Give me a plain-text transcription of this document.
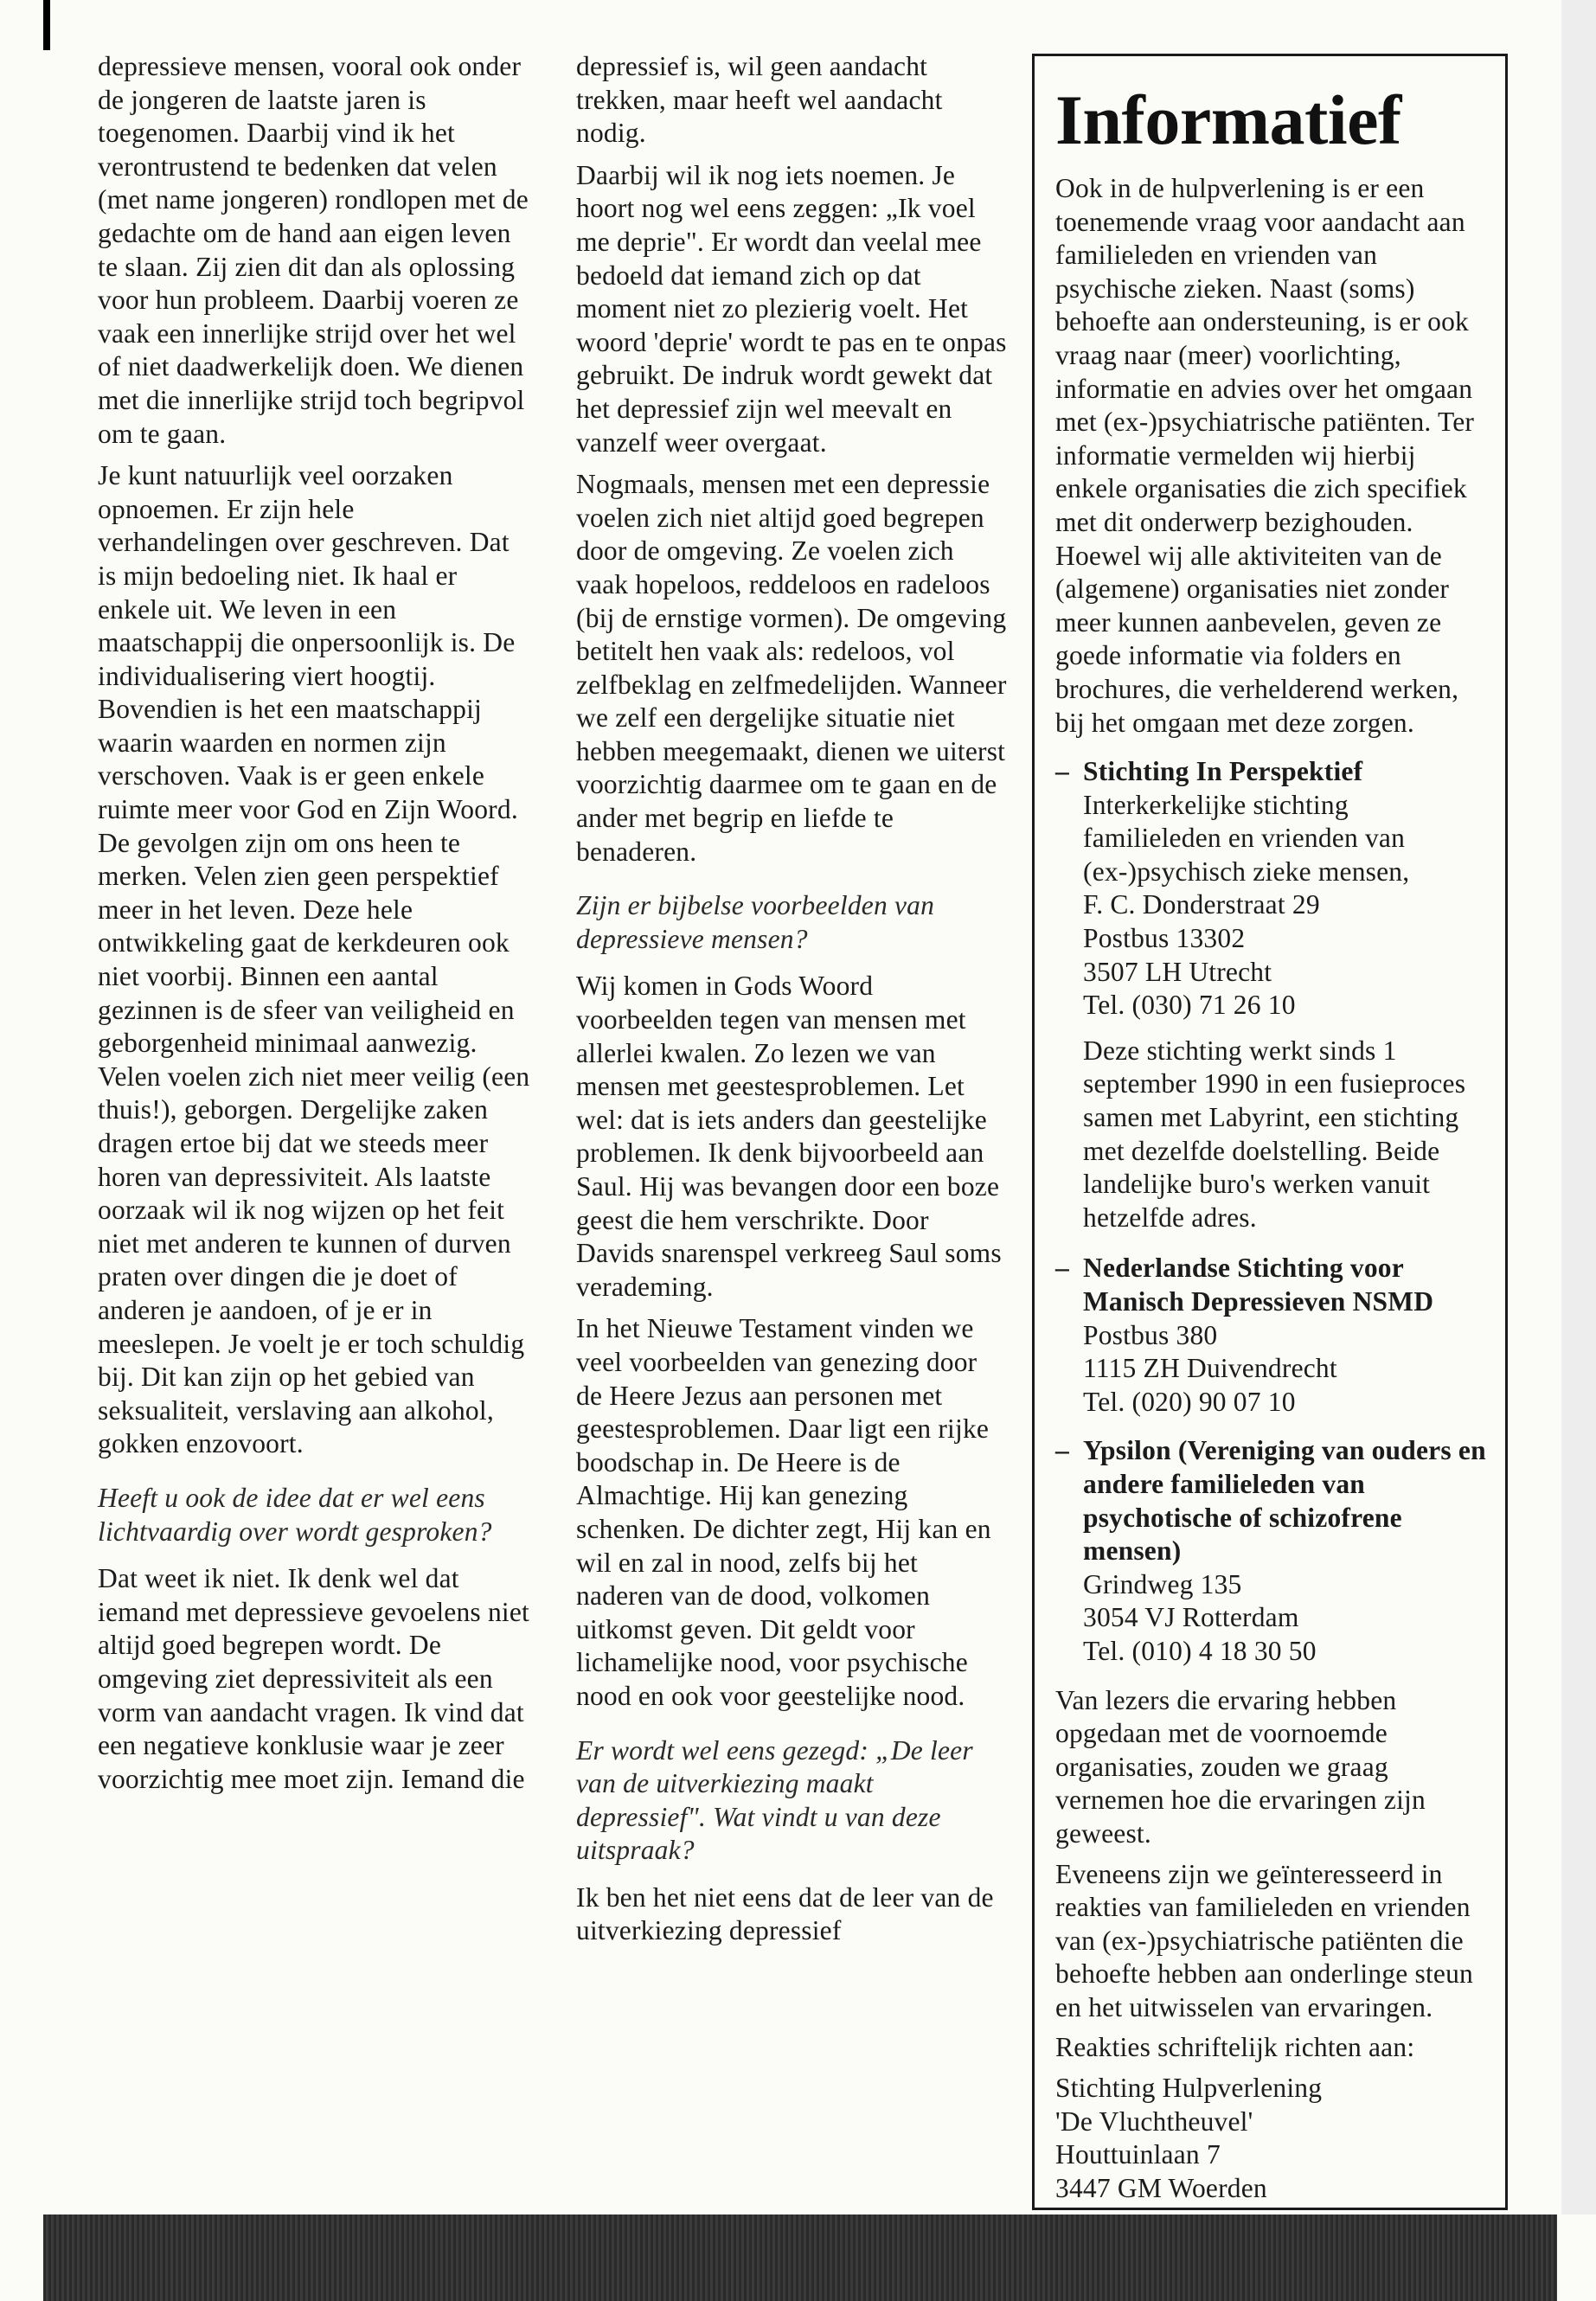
depressieve mensen, vooral ook onder de jongeren de laatste jaren is toegenomen. Daarbij vind ik het verontrustend te bedenken dat velen (met name jongeren) rondlopen met de gedachte om de hand aan eigen leven te slaan. Zij zien dit dan als oplossing voor hun probleem. Daarbij voeren ze vaak een innerlijke strijd over het wel of niet daadwerkelijk doen. We dienen met die innerlijke strijd toch begripvol om te gaan.

Je kunt natuurlijk veel oorzaken opnoemen. Er zijn hele verhandelingen over geschreven. Dat is mijn bedoeling niet. Ik haal er enkele uit. We leven in een maatschappij die onpersoonlijk is. De individualisering viert hoogtij. Bovendien is het een maatschappij waarin waarden en normen zijn verschoven. Vaak is er geen enkele ruimte meer voor God en Zijn Woord. De gevolgen zijn om ons heen te merken. Velen zien geen perspektief meer in het leven. Deze hele ontwikkeling gaat de kerkdeuren ook niet voorbij. Binnen een aantal gezinnen is de sfeer van veiligheid en geborgenheid minimaal aanwezig. Velen voelen zich niet meer veilig (een thuis!), geborgen. Dergelijke zaken dragen ertoe bij dat we steeds meer horen van depressiviteit. Als laatste oorzaak wil ik nog wijzen op het feit niet met anderen te kunnen of durven praten over dingen die je doet of anderen je aandoen, of je er in meeslepen. Je voelt je er toch schuldig bij. Dit kan zijn op het gebied van seksualiteit, verslaving aan alkohol, gokken enzovoort.

Heeft u ook de idee dat er wel eens lichtvaardig over wordt gesproken?

Dat weet ik niet. Ik denk wel dat iemand met depressieve gevoelens niet altijd goed begrepen wordt. De omgeving ziet depressiviteit als een vorm van aandacht vragen. Ik vind dat een negatieve konklusie waar je zeer voorzichtig mee moet zijn. Iemand die

depressief is, wil geen aandacht trekken, maar heeft wel aandacht nodig.

Daarbij wil ik nog iets noemen. Je hoort nog wel eens zeggen: „Ik voel me deprie". Er wordt dan veelal mee bedoeld dat iemand zich op dat moment niet zo plezierig voelt. Het woord 'deprie' wordt te pas en te onpas gebruikt. De indruk wordt gewekt dat het depressief zijn wel meevalt en vanzelf weer overgaat.

Nogmaals, mensen met een depressie voelen zich niet altijd goed begrepen door de omgeving. Ze voelen zich vaak hopeloos, reddeloos en radeloos (bij de ernstige vormen). De omgeving betitelt hen vaak als: redeloos, vol zelfbeklag en zelfmedelijden. Wanneer we zelf een dergelijke situatie niet hebben meegemaakt, dienen we uiterst voorzichtig daarmee om te gaan en de ander met begrip en liefde te benaderen.

Zijn er bijbelse voorbeelden van depressieve mensen?

Wij komen in Gods Woord voorbeelden tegen van mensen met allerlei kwalen. Zo lezen we van mensen met geestesproblemen. Let wel: dat is iets anders dan geestelijke problemen. Ik denk bijvoorbeeld aan Saul. Hij was bevangen door een boze geest die hem verschrikte. Door Davids snarenspel verkreeg Saul soms verademing.

In het Nieuwe Testament vinden we veel voorbeelden van genezing door de Heere Jezus aan personen met geestesproblemen. Daar ligt een rijke boodschap in. De Heere is de Almachtige. Hij kan genezing schenken. De dichter zegt, Hij kan en wil en zal in nood, zelfs bij het naderen van de dood, volkomen uitkomst geven. Dit geldt voor lichamelijke nood, voor psychische nood en ook voor geestelijke nood.

Er wordt wel eens gezegd: „De leer van de uitverkiezing maakt depressief". Wat vindt u van deze uitspraak?

Ik ben het niet eens dat de leer van de uitverkiezing depressief

Informatief

Ook in de hulpverlening is er een toenemende vraag voor aandacht aan familieleden en vrienden van psychische zieken. Naast (soms) behoefte aan ondersteuning, is er ook vraag naar (meer) voorlichting, informatie en advies over het omgaan met (ex-)psychiatrische patiënten. Ter informatie vermelden wij hierbij enkele organisaties die zich specifiek met dit onderwerp bezighouden. Hoewel wij alle aktiviteiten van de (algemene) organisaties niet zonder meer kunnen aanbevelen, geven ze goede informatie via folders en brochures, die verhelderend werken, bij het omgaan met deze zorgen.

– Stichting In Perspektief
Interkerkelijke stichting familieleden en vrienden van (ex-)psychisch zieke mensen,
F. C. Donderstraat 29
Postbus 13302
3507 LH Utrecht
Tel. (030) 71 26 10

Deze stichting werkt sinds 1 september 1990 in een fusieproces samen met Labyrint, een stichting met dezelfde doelstelling. Beide landelijke buro's werken vanuit hetzelfde adres.

– Nederlandse Stichting voor Manisch Depressieven NSMD
Postbus 380
1115 ZH Duivendrecht
Tel. (020) 90 07 10
– Ypsilon (Vereniging van ouders en andere familieleden van psychotische of schizofrene mensen)
Grindweg 135
3054 VJ Rotterdam
Tel. (010) 4 18 30 50

Van lezers die ervaring hebben opgedaan met de voornoemde organisaties, zouden we graag vernemen hoe die ervaringen zijn geweest.

Eveneens zijn we geïnteresseerd in reakties van familieleden en vrienden van (ex-)psychiatrische patiënten die behoefte hebben aan onderlinge steun en het uitwisselen van ervaringen.

Reakties schriftelijk richten aan:

Stichting Hulpverlening
'De Vluchtheuvel'
Houttuinlaan 7
3447 GM Woerden
